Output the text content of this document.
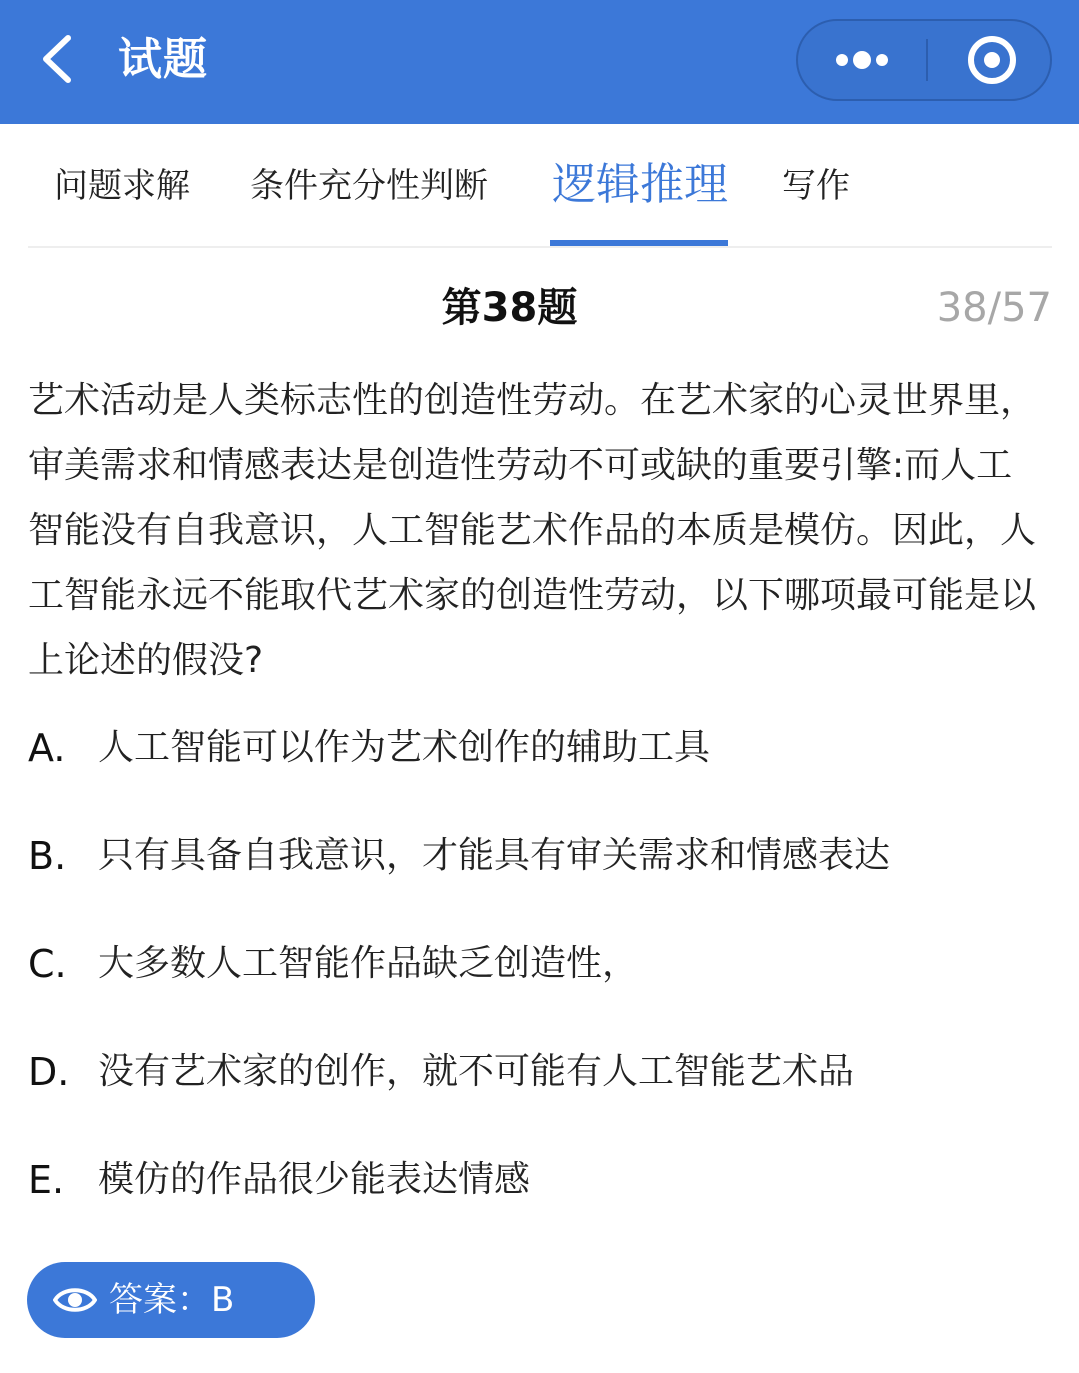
试题
问题求解 条件充分性判断 逻辑推理 写作
第38题	38/57
艺术活动是人类标志性的创造性劳动。在艺术家的心灵世界里，审美需求和情感表达是创造性劳动不可或缺的重要引擎:而人工智能没有自我意识，人工智能艺术作品的本质是模仿。因此，人工智能永远不能取代艺术家的创造性劳动，以下哪项最可能是以上论述的假没?
A. 人工智能可以作为艺术创作的辅助工具
B. 只有具备自我意识，才能具有审关需求和情感表达
C. 大多数人工智能作品缺乏创造性，
D. 没有艺术家的创作，就不可能有人工智能艺术品
E. 模仿的作品很少能表达情感
答案：B
